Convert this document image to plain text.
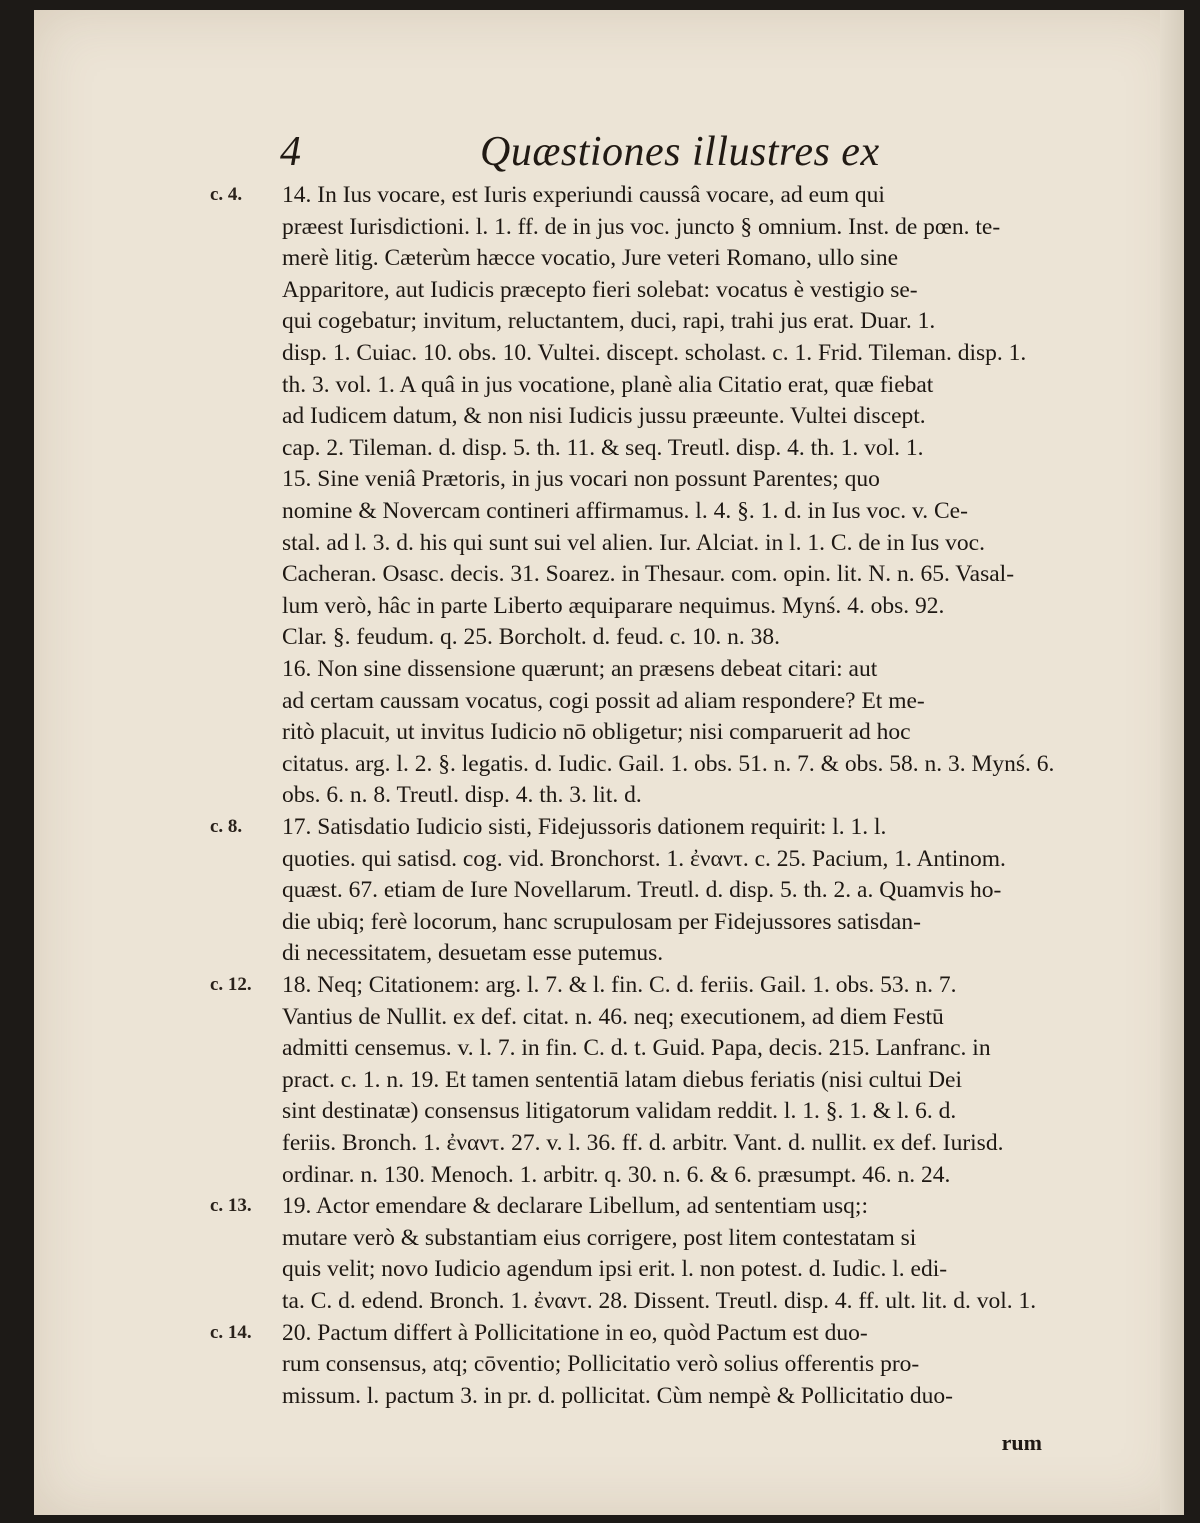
4	Quæstiones illustres ex
c. 4. 14. In Ius vocare, est Iuris experiundi caussâ vocare, ad eum qui
præest Iurisdictioni. l. 1. ff. de in jus voc. juncto § omnium. Inst. de pœn. te-
merè litig. Cæterùm hæcce vocatio, Jure veteri Romano, ullo sine
Apparitore, aut Iudicis præcepto fieri solebat: vocatus è vestigio se-
qui cogebatur; invitum, reluctantem, duci, rapi, trahi jus erat. Duar. 1.
disp. 1. Cuiac. 10. obs. 10. Vultei. discept. scholast. c. 1. Frid. Tileman. disp. 1.
th. 3. vol. 1. A quâ in jus vocatione, planè alia Citatio erat, quæ fiebat
ad Iudicem datum, & non nisi Iudicis jussu præeunte. Vultei discept.
cap. 2. Tileman. d. disp. 5. th. 11. & seq. Treutl. disp. 4. th. 1. vol. 1.
15. Sine veniâ Prætoris, in jus vocari non possunt Parentes; quo
nomine & Novercam contineri affirmamus. l. 4. §. 1. d. in Ius voc. v. Ce-
stal. ad l. 3. d. his qui sunt sui vel alien. Iur. Alciat. in l. 1. C. de in Ius voc.
Cacheran. Osasc. decis. 31. Soarez. in Thesaur. com. opin. lit. N. n. 65. Vasal-
lum verò, hâc in parte Liberto æquiparare nequimus. Mynś. 4. obs. 92.
Clar. §. feudum. q. 25. Borcholt. d. feud. c. 10. n. 38.
16. Non sine dissensione quærunt; an præsens debeat citari: aut
ad certam caussam vocatus, cogi possit ad aliam respondere? Et me-
ritò placuit, ut invitus Iudicio nō obligetur; nisi comparuerit ad hoc
citatus. arg. l. 2. §. legatis. d. Iudic. Gail. 1. obs. 51. n. 7. & obs. 58. n. 3. Mynś. 6.
obs. 6. n. 8. Treutl. disp. 4. th. 3. lit. d.
c. 8. 17. Satisdatio Iudicio sisti, Fidejussoris dationem requirit: l. 1. l.
quoties. qui satisd. cog. vid. Bronchorst. 1. ἐναντ. c. 25. Pacium, 1. Antinom.
quæst. 67. etiam de Iure Novellarum. Treutl. d. disp. 5. th. 2. a. Quamvis ho-
die ubiq; ferè locorum, hanc scrupulosam per Fidejussores satisdan-
di necessitatem, desuetam esse putemus.
c. 12. 18. Neq; Citationem: arg. l. 7. & l. fin. C. d. feriis. Gail. 1. obs. 53. n. 7.
Vantius de Nullit. ex def. citat. n. 46. neq; executionem, ad diem Festū
admitti censemus. v. l. 7. in fin. C. d. t. Guid. Papa, decis. 215. Lanfranc. in
pract. c. 1. n. 19. Et tamen sententiā latam diebus feriatis (nisi cultui Dei
sint destinatæ) consensus litigatorum validam reddit. l. 1. §. 1. & l. 6. d.
feriis. Bronch. 1. ἐναντ. 27. v. l. 36. ff. d. arbitr. Vant. d. nullit. ex def. Iurisd.
ordinar. n. 130. Menoch. 1. arbitr. q. 30. n. 6. & 6. præsumpt. 46. n. 24.
c. 13. 19. Actor emendare & declarare Libellum, ad sententiam usq;:
mutare verò & substantiam eius corrigere, post litem contestatam si
quis velit; novo Iudicio agendum ipsi erit. l. non potest. d. Iudic. l. edi-
ta. C. d. edend. Bronch. 1. ἐναντ. 28. Dissent. Treutl. disp. 4. ff. ult. lit. d. vol. 1.
c. 14. 20. Pactum differt à Pollicitatione in eo, quòd Pactum est duo-
rum consensus, atq; cōventio; Pollicitatio verò solius offerentis pro-
missum. l. pactum 3. in pr. d. pollicitat. Cùm nempè & Pollicitatio duo-
rum
